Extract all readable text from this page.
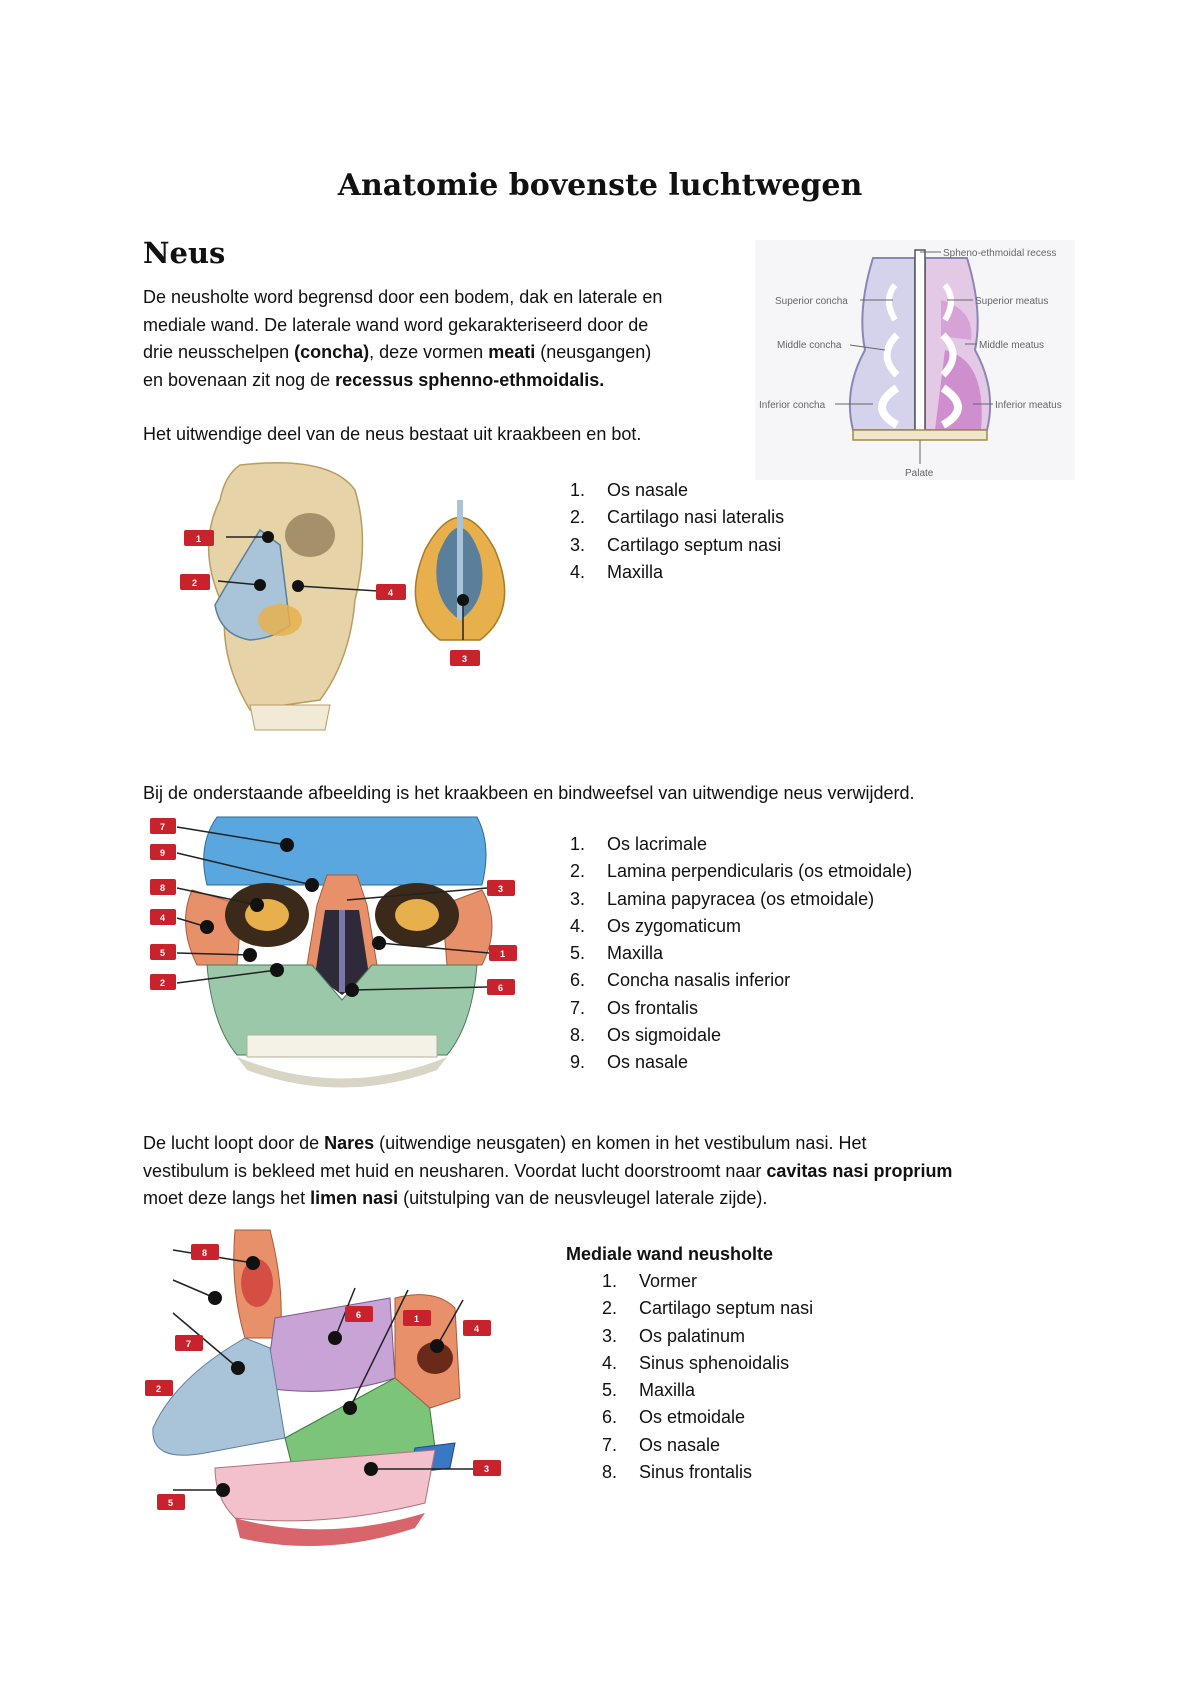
Anatomie bovenste luchtwegen
Neus
De neusholte word begrensd door een bodem, dak en laterale en
mediale wand. De laterale wand word gekarakteriseerd door de
drie neusschelpen (concha), deze vormen meati (neusgangen)
en bovenaan zit nog de recessus sphenno-ethmoidalis.
Het uitwendige deel van de neus bestaat uit kraakbeen en bot.
Spheno-ethmoidal recess
Superior concha
Middle concha
Inferior concha
Superior meatus
Middle meatus
Inferior meatus
Palate
1
2
3
4
1. Os nasale
2. Cartilago nasi lateralis
3. Cartilago septum nasi
4. Maxilla
Bij de onderstaande afbeelding is het kraakbeen en bindweefsel van uitwendige neus verwijderd.
7
9
8
4
5
2
3
1
6
1. Os lacrimale
2. Lamina perpendicularis (os etmoidale)
3. Lamina papyracea (os etmoidale)
4. Os zygomaticum
5. Maxilla
6. Concha nasalis inferior
7. Os frontalis
8. Os sigmoidale
9. Os nasale
De lucht loopt door de Nares (uitwendige neusgaten) en komen in het vestibulum nasi. Het
vestibulum is bekleed met huid en neusharen. Voordat lucht doorstroomt naar cavitas nasi proprium
moet deze langs het limen nasi (uitstulping van de neusvleugel laterale zijde).
8
7
2
5
6	1
4
3
Mediale wand neusholte
1. Vormer
2. Cartilago septum nasi
3. Os palatinum
4. Sinus sphenoidalis
5. Maxilla
6. Os etmoidale
7. Os nasale
8. Sinus frontalis
